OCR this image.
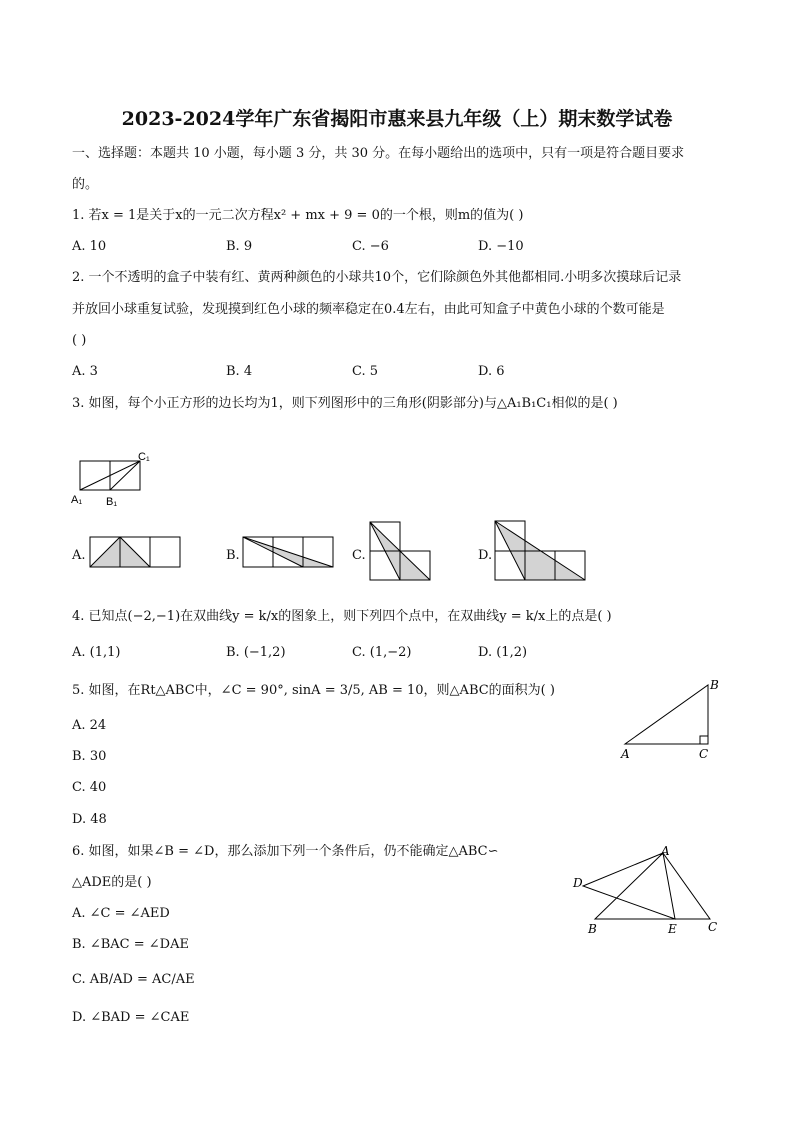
2023-2024学年广东省揭阳市惠来县九年级（上）期末数学试卷
一、选择题：本题共 10 小题，每小题 3 分，共 30 分。在每小题给出的选项中，只有一项是符合题目要求
的。
1. 若x = 1是关于x的一元二次方程x² + mx + 9 = 0的一个根，则m的值为( )
A. 10	B. 9	C. −6	D. −10
2. 一个不透明的盒子中装有红、黄两种颜色的小球共10个，它们除颜色外其他都相同.小明多次摸球后记录
并放回小球重复试验，发现摸到红色小球的频率稳定在0.4左右，由此可知盒子中黄色小球的个数可能是
( )
A. 3	B. 4	C. 5	D. 6
3. 如图，每个小正方形的边长均为1，则下列图形中的三角形(阴影部分)与△A₁B₁C₁相似的是( )
C₁
A₁ B₁
A.	B.	C.	D.
4. 已知点(−2,−1)在双曲线y = k/x的图象上，则下列四个点中，在双曲线y = k/x上的点是( )
A. (1,1)	B. (−1,2)	C. (1,−2)	D. (1,2)
5. 如图，在Rt△ABC中，∠C = 90°, sinA = 3/5, AB = 10，则△ABC的面积为( )
A. 24
B. 30
C. 40
D. 48
B
A	C
6. 如图，如果∠B = ∠D，那么添加下列一个条件后，仍不能确定△ABC∽
△ADE的是( )
A. ∠C = ∠AED
B. ∠BAC = ∠DAE
C. AB/AD = AC/AE
D. ∠BAD = ∠CAE
A
D
B	E	C
